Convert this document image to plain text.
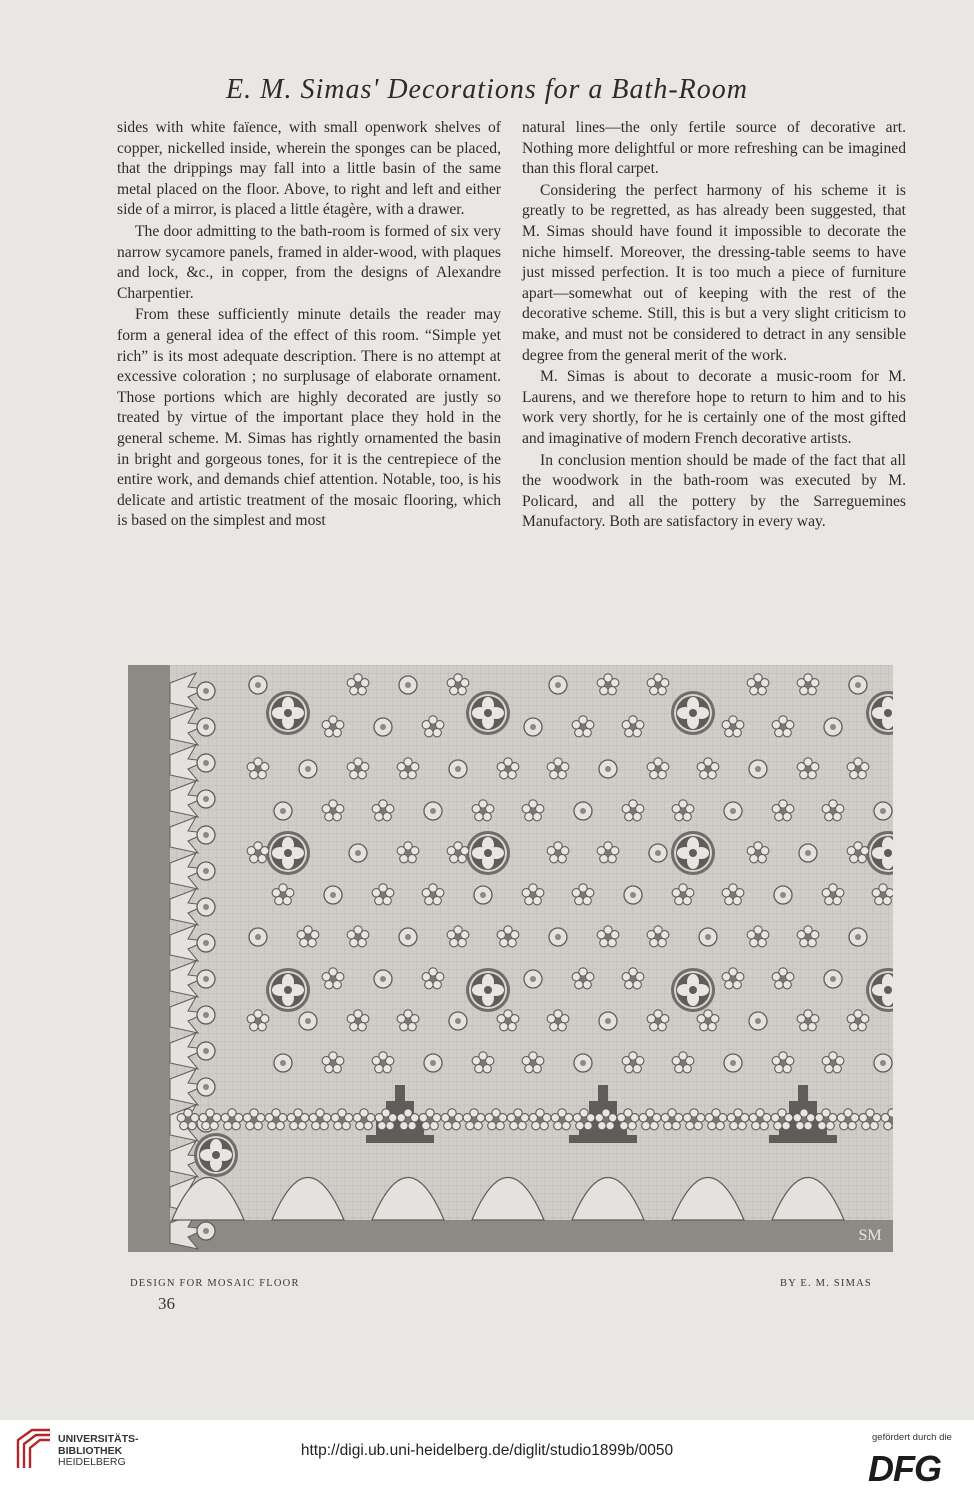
E. M. Simas' Decorations for a Bath-Room

sides with white faïence, with small openwork shelves of copper, nickelled inside, wherein the sponges can be placed, that the drippings may fall into a little basin of the same metal placed on the floor. Above, to right and left and either side of a mirror, is placed a little étagère, with a drawer.

The door admitting to the bath-room is formed of six very narrow sycamore panels, framed in alder-wood, with plaques and lock, &c., in copper, from the designs of Alexandre Charpentier.

From these sufficiently minute details the reader may form a general idea of the effect of this room. “Simple yet rich” is its most adequate description. There is no attempt at excessive coloration ; no surplusage of elaborate ornament. Those portions which are highly decorated are justly so treated by virtue of the important place they hold in the general scheme. M. Simas has rightly ornamented the basin in bright and gorgeous tones, for it is the centrepiece of the entire work, and demands chief attention. Notable, too, is his delicate and artistic treatment of the mosaic flooring, which is based on the simplest and most

natural lines—the only fertile source of decorative art. Nothing more delightful or more refreshing can be imagined than this floral carpet.

Considering the perfect harmony of his scheme it is greatly to be regretted, as has already been suggested, that M. Simas should have found it impossible to decorate the niche himself. Moreover, the dressing-table seems to have just missed perfection. It is too much a piece of furniture apart—somewhat out of keeping with the rest of the decorative scheme. Still, this is but a very slight criticism to make, and must not be considered to detract in any sensible degree from the general merit of the work.

M. Simas is about to decorate a music-room for M. Laurens, and we therefore hope to return to him and to his work very shortly, for he is certainly one of the most gifted and imaginative of modern French decorative artists.

In conclusion mention should be made of the fact that all the woodwork in the bath-room was executed by M. Policard, and all the pottery by the Sarreguemines Manufactory. Both are satisfactory in every way.

SM
DESIGN FOR MOSAIC FLOOR	BY E. M. SIMAS
36
UNIVERSITÄTS-
BIBLIOTHEK
HEIDELBERG
http://digi.ub.uni-heidelberg.de/diglit/studio1899b/0050
gefördert durch die
DFG
